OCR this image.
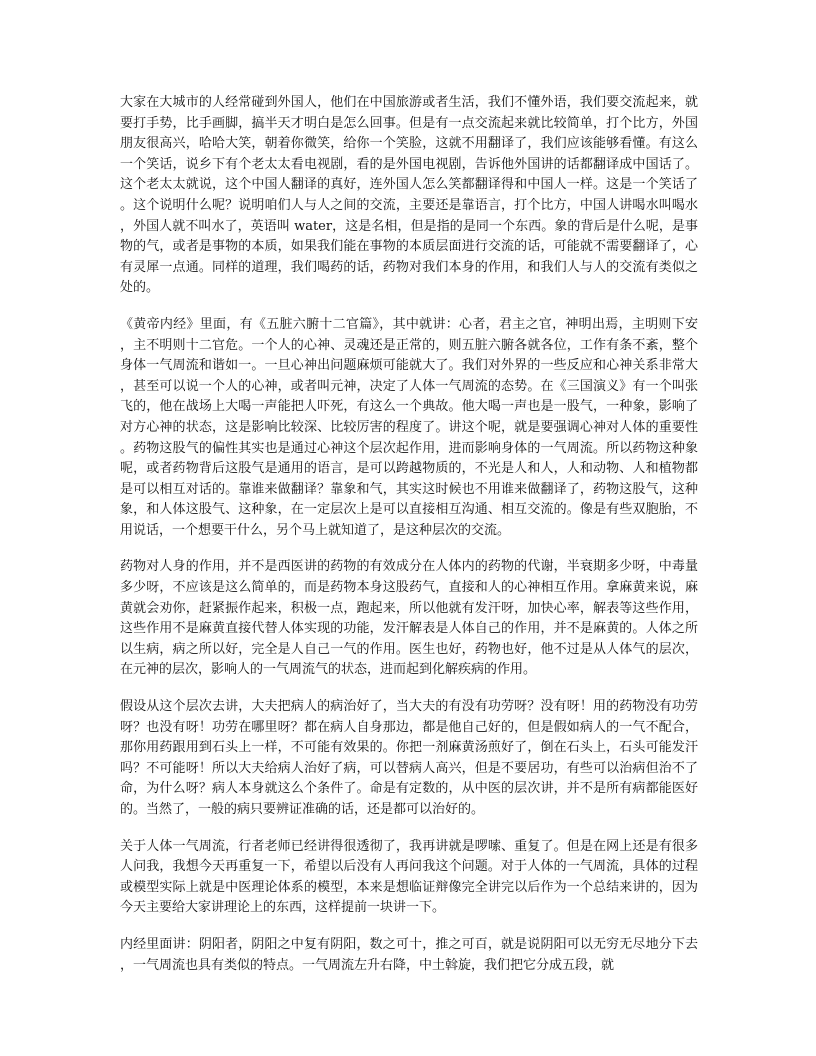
大家在大城市的人经常碰到外国人，他们在中国旅游或者生活，我们不懂外语，我们要交流起来，就要打手势，比手画脚，搞半天才明白是怎么回事。但是有一点交流起来就比较简单，打个比方，外国朋友很高兴，哈哈大笑，朝着你微笑，给你一个笑脸，这就不用翻译了，我们应该能够看懂。有这么一个笑话，说乡下有个老太太看电视剧，看的是外国电视剧，告诉他外国讲的话都翻译成中国话了。这个老太太就说，这个中国人翻译的真好，连外国人怎么笑都翻译得和中国人一样。这是一个笑话了。这个说明什么呢？说明咱们人与人之间的交流，主要还是靠语言，打个比方，中国人讲喝水叫喝水，外国人就不叫水了，英语叫 water，这是名相，但是指的是同一个东西。象的背后是什么呢，是事物的气，或者是事物的本质，如果我们能在事物的本质层面进行交流的话，可能就不需要翻译了，心有灵犀一点通。同样的道理，我们喝药的话，药物对我们本身的作用，和我们人与人的交流有类似之处的。

《黄帝内经》里面，有《五脏六腑十二官篇》，其中就讲：心者，君主之官，神明出焉，主明则下安，主不明则十二官危。一个人的心神、灵魂还是正常的，则五脏六腑各就各位，工作有条不紊，整个身体一气周流和谐如一。一旦心神出问题麻烦可能就大了。我们对外界的一些反应和心神关系非常大，甚至可以说一个人的心神，或者叫元神，决定了人体一气周流的态势。在《三国演义》有一个叫张飞的，他在战场上大喝一声能把人吓死，有这么一个典故。他大喝一声也是一股气，一种象，影响了对方心神的状态，这是影响比较深、比较厉害的程度了。讲这个呢，就是要强调心神对人体的重要性。药物这股气的偏性其实也是通过心神这个层次起作用，进而影响身体的一气周流。所以药物这种象呢，或者药物背后这股气是通用的语言，是可以跨越物质的，不光是人和人，人和动物、人和植物都是可以相互对话的。靠谁来做翻译？靠象和气，其实这时候也不用谁来做翻译了，药物这股气，这种象，和人体这股气、这种象，在一定层次上是可以直接相互沟通、相互交流的。像是有些双胞胎，不用说话，一个想要干什么，另个马上就知道了，是这种层次的交流。

药物对人身的作用，并不是西医讲的药物的有效成分在人体内的药物的代谢，半衰期多少呀，中毒量多少呀，不应该是这么简单的，而是药物本身这股药气，直接和人的心神相互作用。拿麻黄来说，麻黄就会劝你，赶紧振作起来，积极一点，跑起来，所以他就有发汗呀，加快心率，解表等这些作用，这些作用不是麻黄直接代替人体实现的功能，发汗解表是人体自己的作用，并不是麻黄的。人体之所以生病，病之所以好，完全是人自己一气的作用。医生也好，药物也好，他不过是从人体气的层次，在元神的层次，影响人的一气周流气的状态，进而起到化解疾病的作用。

假设从这个层次去讲，大夫把病人的病治好了，当大夫的有没有功劳呀？没有呀！用的药物没有功劳呀？也没有呀！功劳在哪里呀？都在病人自身那边，都是他自己好的，但是假如病人的一气不配合，那你用药跟用到石头上一样，不可能有效果的。你把一剂麻黄汤煎好了，倒在石头上，石头可能发汗吗？不可能呀！所以大夫给病人治好了病，可以替病人高兴，但是不要居功，有些可以治病但治不了命，为什么呀？病人本身就这么个条件了。命是有定数的，从中医的层次讲，并不是所有病都能医好的。当然了，一般的病只要辨证准确的话，还是都可以治好的。

关于人体一气周流，行者老师已经讲得很透彻了，我再讲就是啰嗦、重复了。但是在网上还是有很多人问我，我想今天再重复一下，希望以后没有人再问我这个问题。对于人体的一气周流，具体的过程或模型实际上就是中医理论体系的模型，本来是想临证辩像完全讲完以后作为一个总结来讲的，因为今天主要给大家讲理论上的东西，这样提前一块讲一下。

内经里面讲：阴阳者，阴阳之中复有阴阳，数之可十，推之可百，就是说阴阳可以无穷无尽地分下去，一气周流也具有类似的特点。一气周流左升右降，中土斡旋，我们把它分成五段，就
